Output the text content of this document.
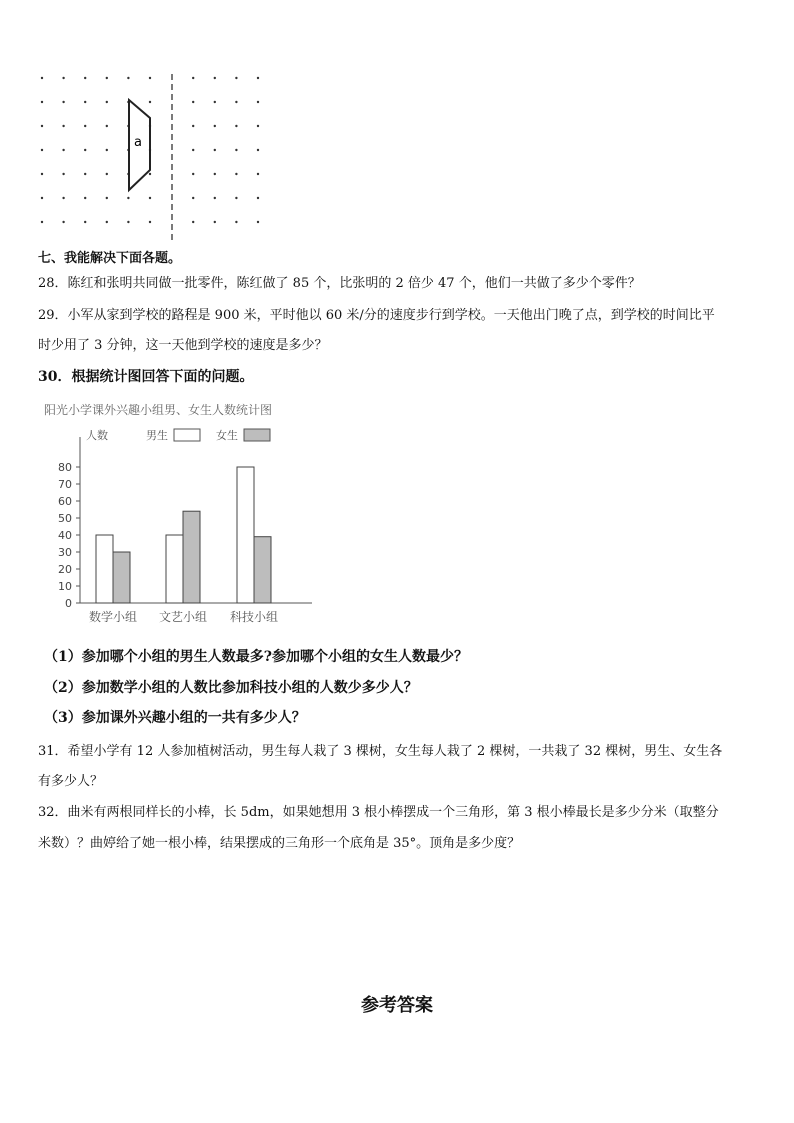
a
七、我能解决下面各题。
28．陈红和张明共同做一批零件，陈红做了 85 个，比张明的 2 倍少 47 个，他们一共做了多少个零件？
29．小军从家到学校的路程是 900 米，平时他以 60 米/分的速度步行到学校。一天他出门晚了点，到学校的时间比平
时少用了 3 分钟，这一天他到学校的速度是多少？
30．根据统计图回答下面的问题。
阳光小学课外兴趣小组男、女生人数统计图
0
10
20
30
40
50
60
70
80
人数	男生	女生
数学小组 文艺小组 科技小组
（1）参加哪个小组的男生人数最多?参加哪个小组的女生人数最少？
（2）参加数学小组的人数比参加科技小组的人数少多少人？
（3）参加课外兴趣小组的一共有多少人？
31．希望小学有 12 人参加植树活动，男生每人栽了 3 棵树，女生每人栽了 2 棵树，一共栽了 32 棵树，男生、女生各
有多少人？
32．曲米有两根同样长的小棒，长 5dm，如果她想用 3 根小棒摆成一个三角形，第 3 根小棒最长是多少分米（取整分
米数）？曲婷给了她一根小棒，结果摆成的三角形一个底角是 35°。顶角是多少度？
参考答案
